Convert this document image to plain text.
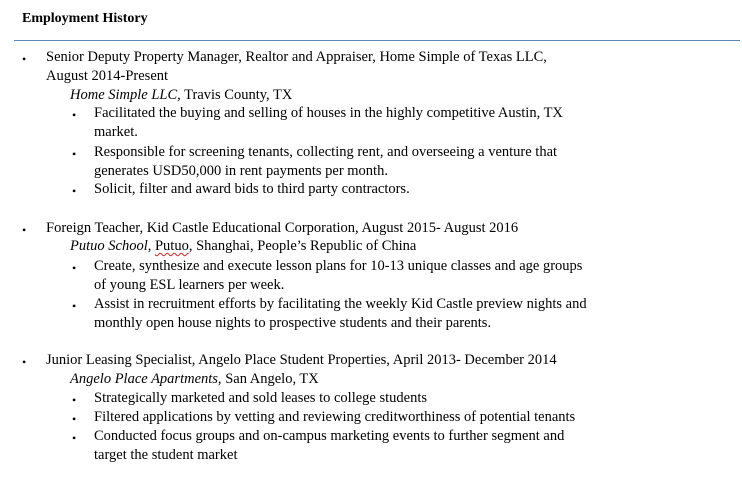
Employment History
• Senior Deputy Property Manager, Realtor and Appraiser, Home Simple of Texas LLC,
August 2014-Present
Home Simple LLC, Travis County, TX
• Facilitated the buying and selling of houses in the highly competitive Austin, TX
market.
• Responsible for screening tenants, collecting rent, and overseeing a venture that
generates USD50,000 in rent payments per month.
• Solicit, filter and award bids to third party contractors.
• Foreign Teacher, Kid Castle Educational Corporation, August 2015- August 2016
Putuo School, Putuo, Shanghai, People’s Republic of China
• Create, synthesize and execute lesson plans for 10-13 unique classes and age groups
of young ESL learners per week.
• Assist in recruitment efforts by facilitating the weekly Kid Castle preview nights and
monthly open house nights to prospective students and their parents.
• Junior Leasing Specialist, Angelo Place Student Properties, April 2013- December 2014
Angelo Place Apartments, San Angelo, TX
• Strategically marketed and sold leases to college students
• Filtered applications by vetting and reviewing creditworthiness of potential tenants
• Conducted focus groups and on-campus marketing events to further segment and
target the student market
